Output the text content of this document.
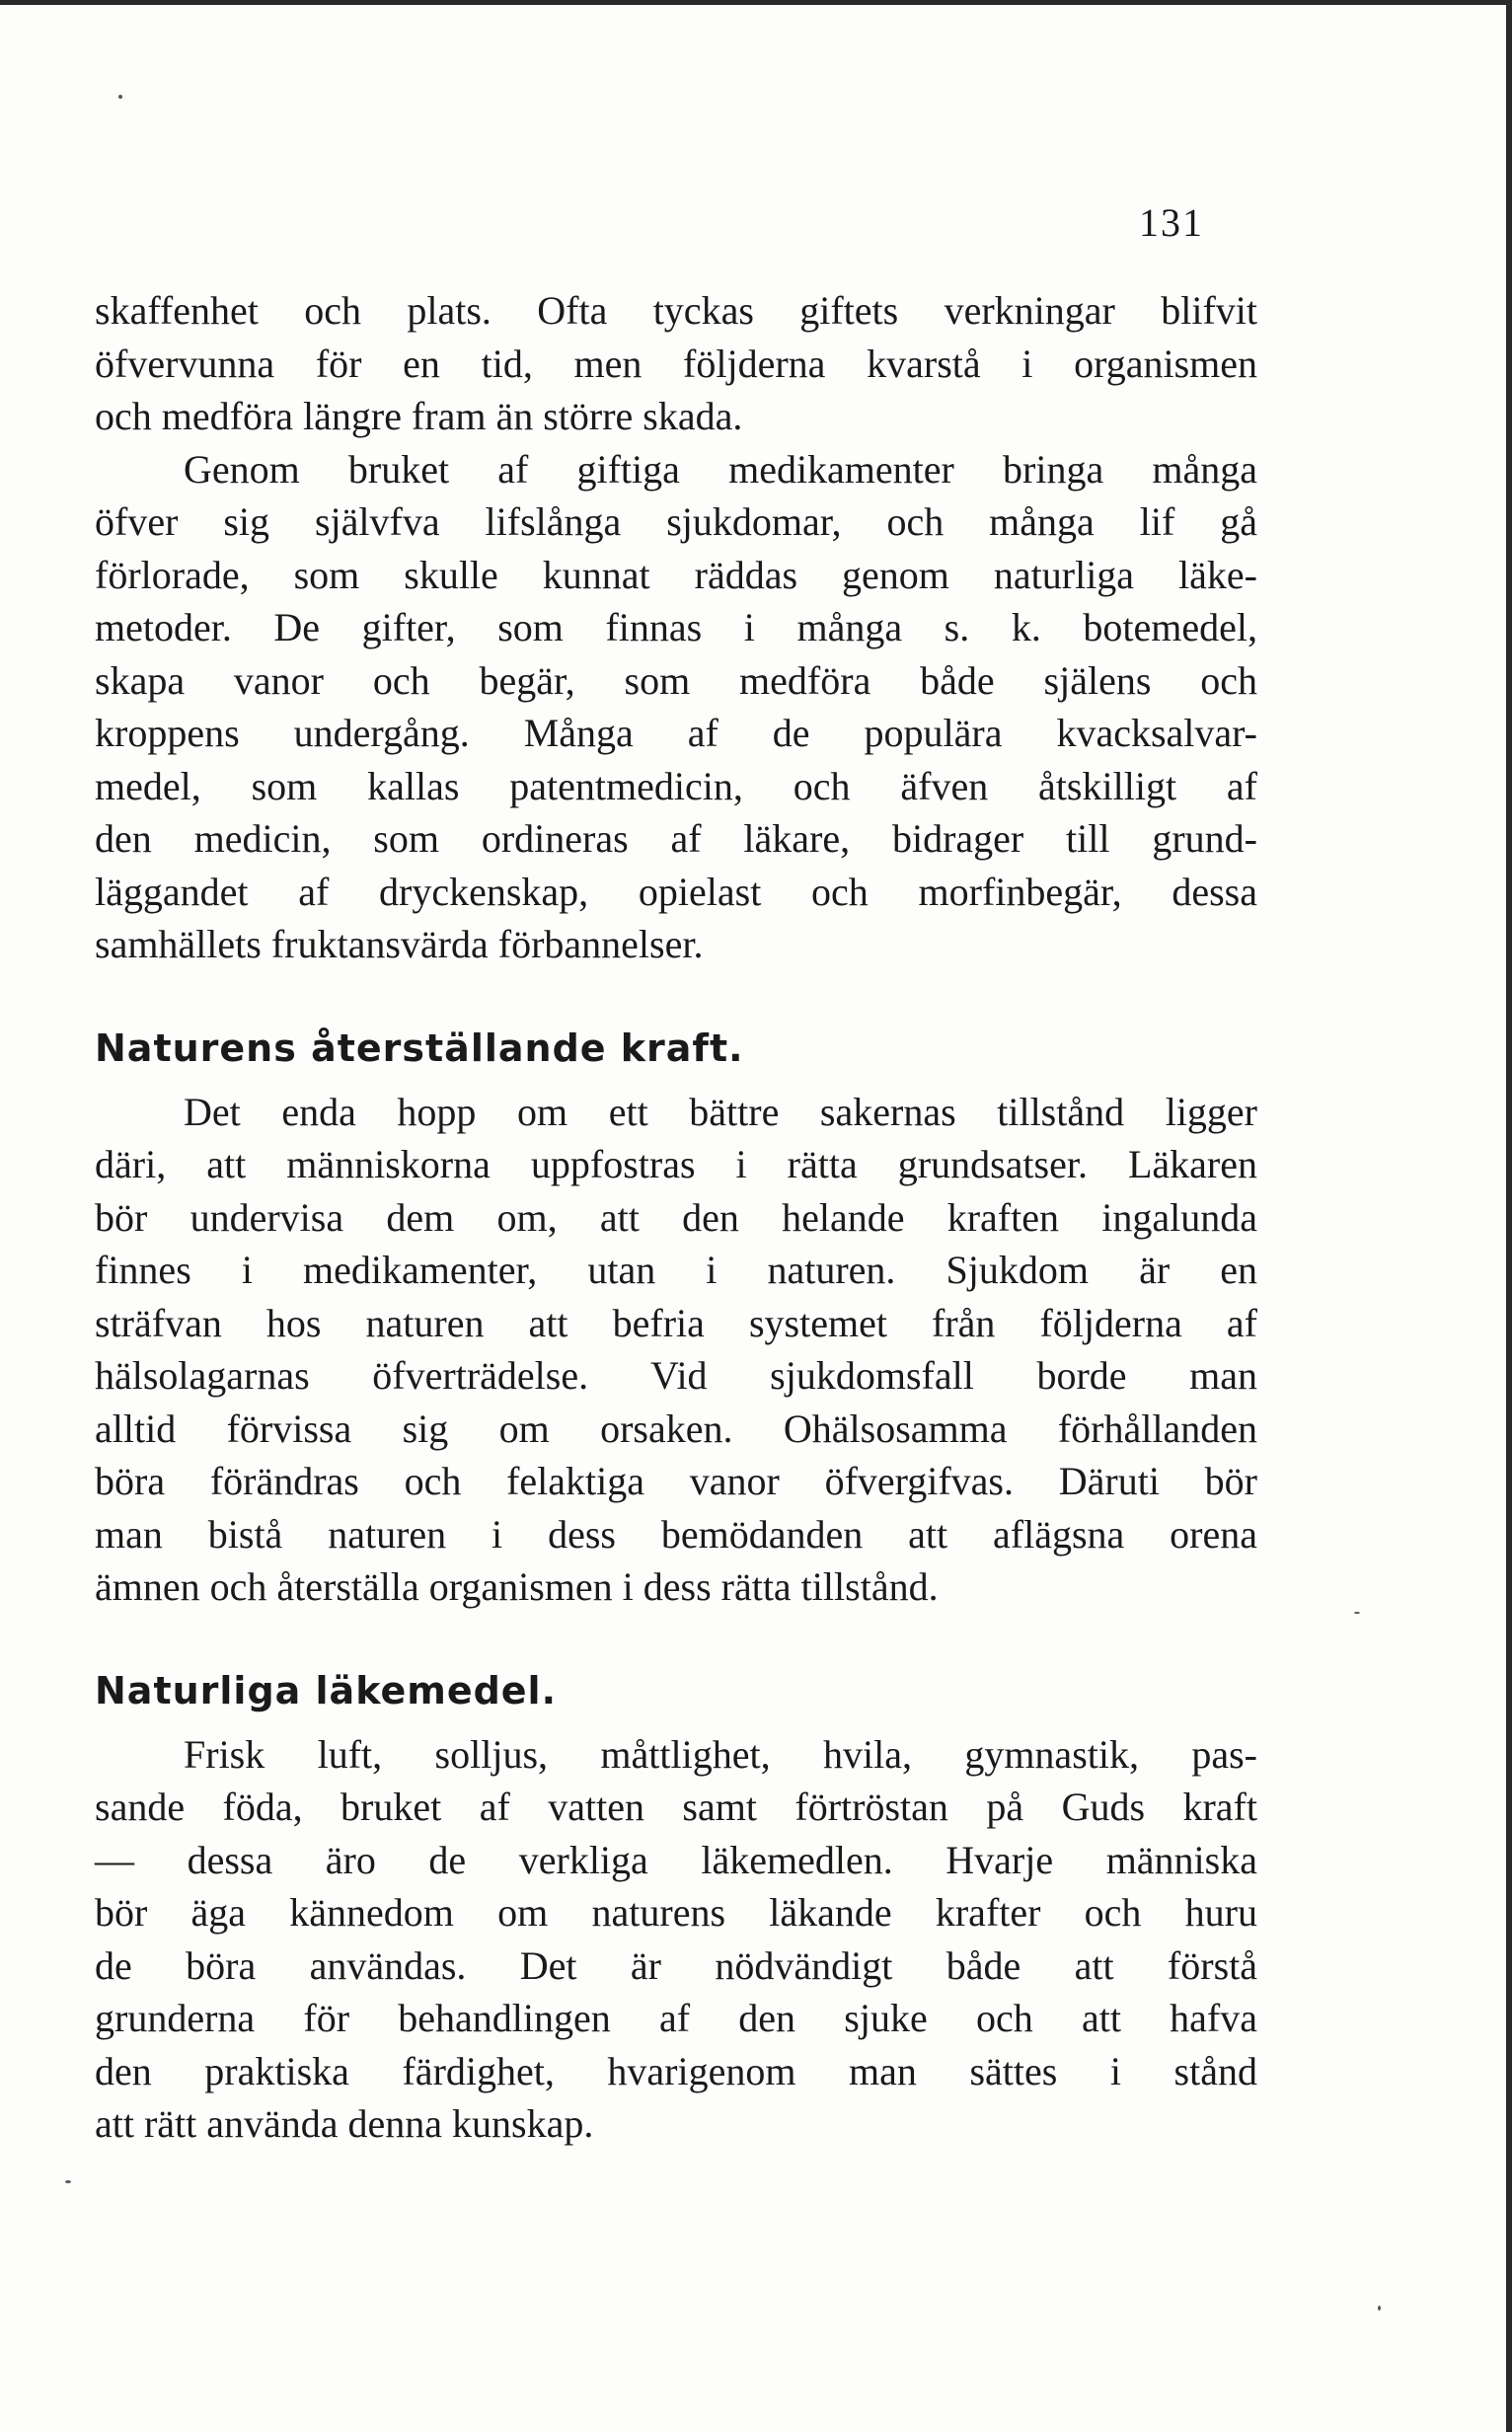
131
skaffenhet och plats. Ofta tyckas giftets verkningar blifvit
öfvervunna för en tid, men följderna kvarstå i organismen
och medföra längre fram än större skada.
Genom bruket af giftiga medikamenter bringa många
öfver sig självfva lifslånga sjukdomar, och många lif gå
förlorade, som skulle kunnat räddas genom naturliga läke-
metoder. De gifter, som finnas i många s. k. botemedel,
skapa vanor och begär, som medföra både själens och
kroppens undergång. Många af de populära kvacksalvar-
medel, som kallas patentmedicin, och äfven åtskilligt af
den medicin, som ordineras af läkare, bidrager till grund-
läggandet af dryckenskap, opielast och morfinbegär, dessa
samhällets fruktansvärda förbannelser.
Naturens återställande kraft.
Det enda hopp om ett bättre sakernas tillstånd ligger
däri, att människorna uppfostras i rätta grundsatser. Läkaren
bör undervisa dem om, att den helande kraften ingalunda
finnes i medikamenter, utan i naturen. Sjukdom är en
sträfvan hos naturen att befria systemet från följderna af
hälsolagarnas öfverträdelse. Vid sjukdomsfall borde man
alltid förvissa sig om orsaken. Ohälsosamma förhållanden
böra förändras och felaktiga vanor öfvergifvas. Däruti bör
man bistå naturen i dess bemödanden att aflägsna orena
ämnen och återställa organismen i dess rätta tillstånd.
Naturliga läkemedel.
Frisk luft, solljus, måttlighet, hvila, gymnastik, pas-
sande föda, bruket af vatten samt förtröstan på Guds kraft
— dessa äro de verkliga läkemedlen. Hvarje människa
bör äga kännedom om naturens läkande krafter och huru
de böra användas. Det är nödvändigt både att förstå
grunderna för behandlingen af den sjuke och att hafva
den praktiska färdighet, hvarigenom man sättes i stånd
att rätt använda denna kunskap.
